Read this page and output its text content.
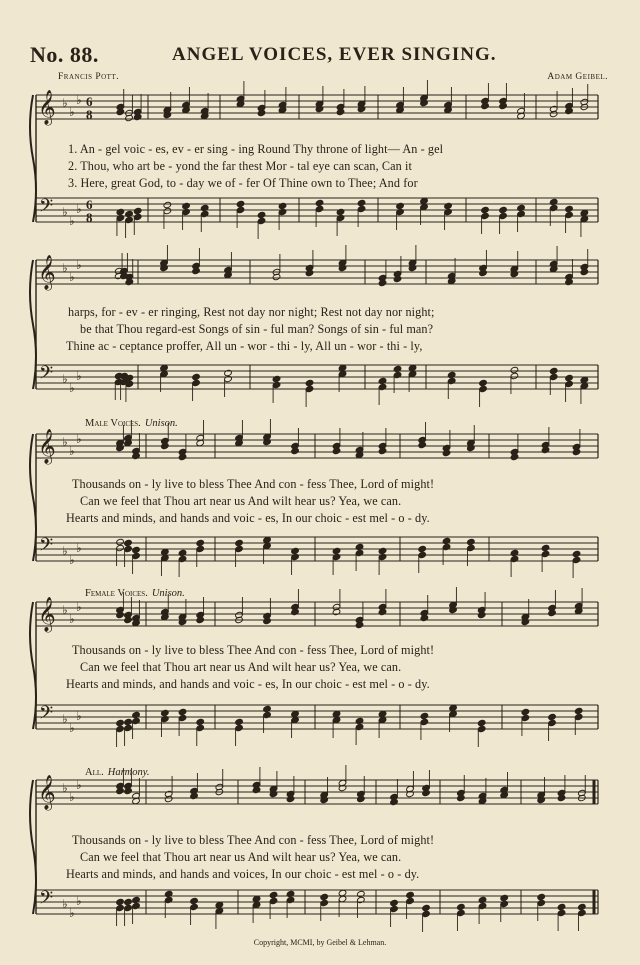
No. 88.	ANGEL VOICES, EVER SINGING.
Francis Pott.	Adam Geibel.
𝄞
𝄢
♭
♭
♭
♭
♭
♭
6
8
6
8
𝄞
𝄢
♭
♭
♭
♭
♭
♭
𝄞
𝄢
♭
♭
♭
♭
♭
♭
𝄞
𝄢
♭
♭
♭
♭
♭
♭
𝄞
𝄢
♭
♭
♭
♭
♭
♭
Male Voices. Unison.
Female Voices. Unison.
All. Harmony.
1. An - gel voic - es, ev - er sing - ing Round Thy throne of light— An - gel
2. Thou, who art be - yond the far thest Mor - tal eye can scan, Can it
3. Here, great God, to - day we of - fer Of Thine own to Thee; And for
harps, for - ev - er ringing, Rest not day nor night; Rest not day nor night;
be that Thou regard-est Songs of sin - ful man? Songs of sin - ful man?
Thine ac - ceptance proffer, All un - wor - thi - ly, All un - wor - thi - ly,
Thousands on - ly live to bless Thee And con - fess Thee, Lord of might!
Can we feel that Thou art near us And wilt hear us? Yea, we can.
Hearts and minds, and hands and voic - es, In our choic - est mel - o - dy.
Thousands on - ly live to bless Thee And con - fess Thee, Lord of might!
Can we feel that Thou art near us And wilt hear us? Yea, we can.
Hearts and minds, and hands and voic - es, In our choic - est mel - o - dy.
Thousands on - ly live to bless Thee And con - fess Thee, Lord of might!
Can we feel that Thou art near us And wilt hear us? Yea, we can.
Hearts and minds, and hands and voices, In our choic - est mel - o - dy.
Copyright, MCMI, by Geibel & Lehman.
